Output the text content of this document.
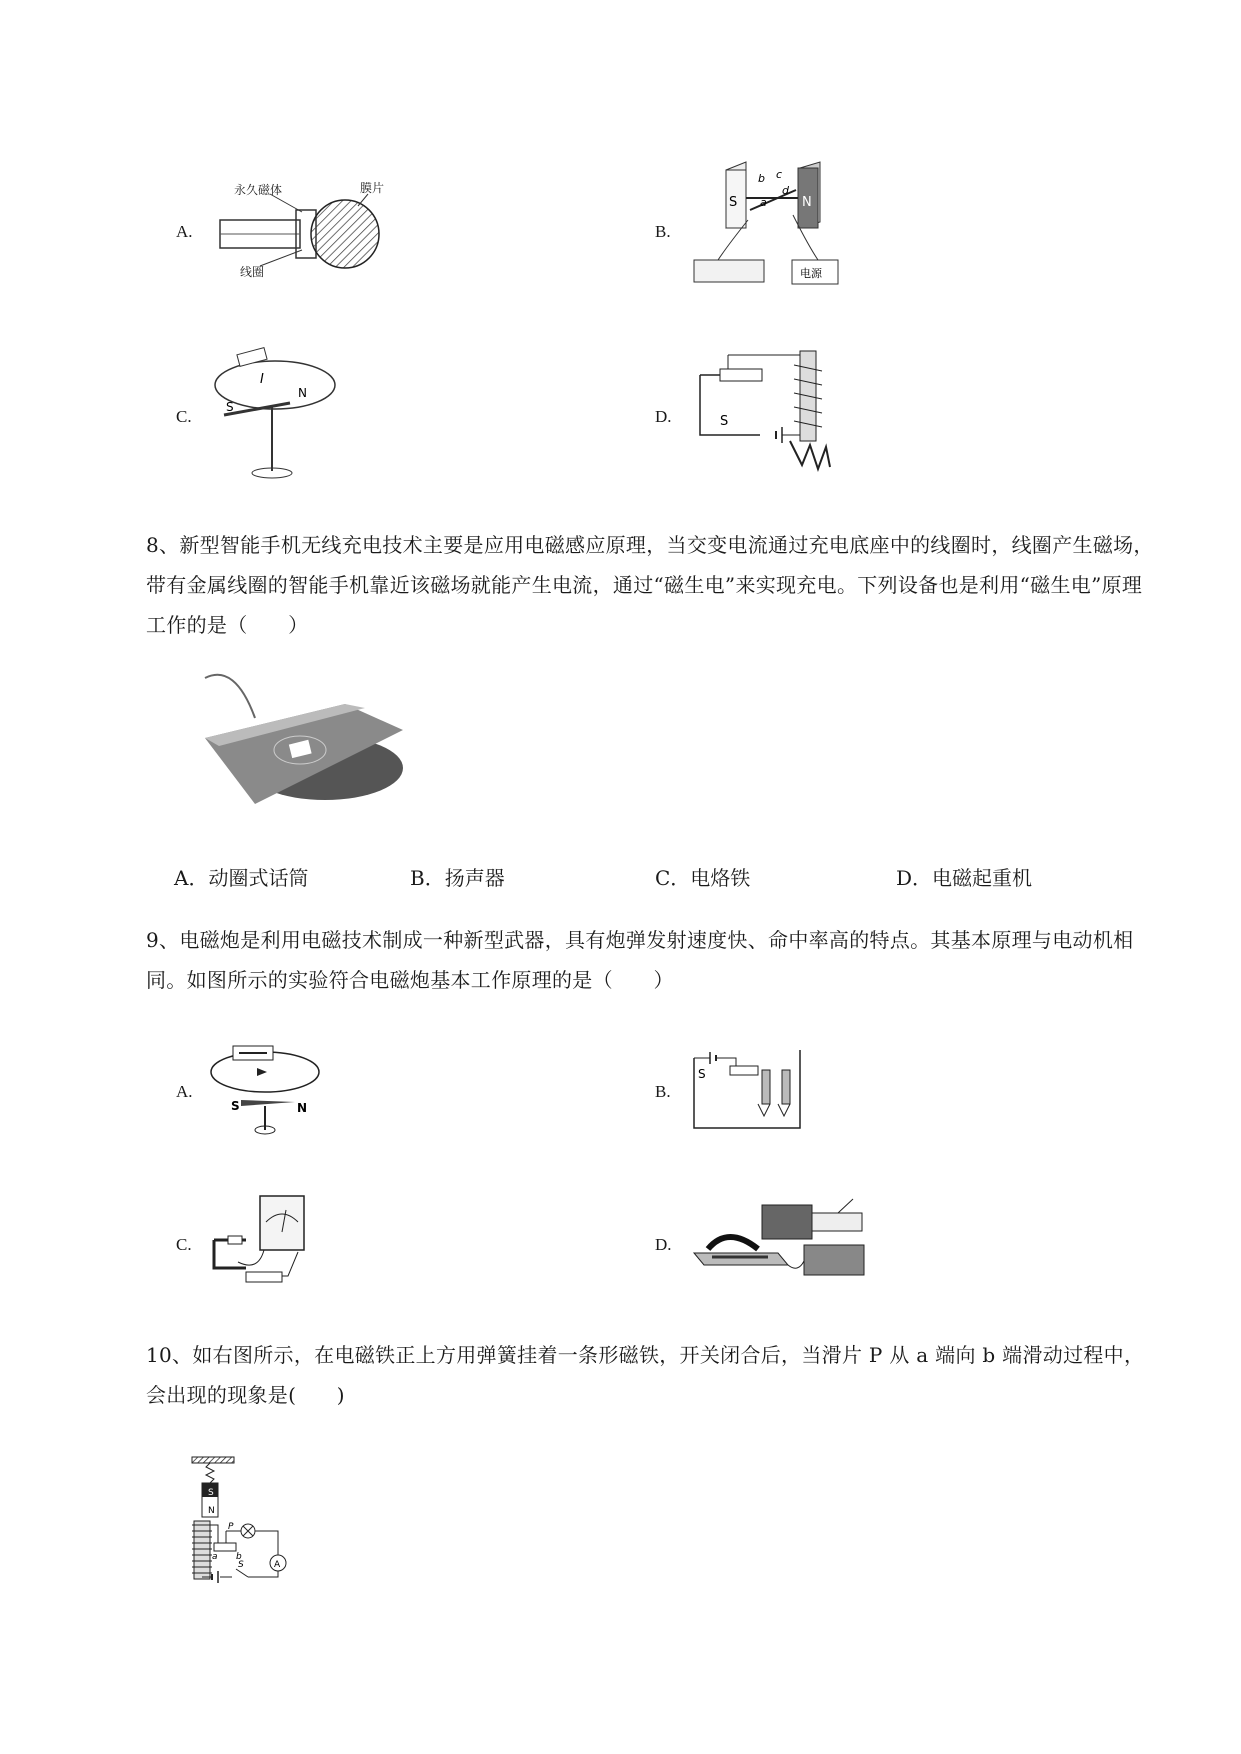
A.
永久磁体	膜片
线圈
B.
S	N
b c
a
d
电源
C.
I
S
N
D.	S
8、新型智能手机无线充电技术主要是应用电磁感应原理，当交变电流通过充电底座中的线圈时，线圈产生磁场，带有金属线圈的智能手机靠近该磁场就能产生电流，通过“磁生电”来实现充电。下列设备也是利用“磁生电”原理工作的是（　　）
A．动圈式话筒	B．扬声器	C．电烙铁	D．电磁起重机
9、电磁炮是利用电磁技术制成一种新型武器，具有炮弹发射速度快、命中率高的特点。其基本原理与电动机相同。如图所示的实验符合电磁炮基本工作原理的是（　　）
A.
S	N
B.
S
C.	D.
10、如右图所示，在电磁铁正上方用弹簧挂着一条形磁铁，开关闭合后，当滑片 P 从 a 端向 b 端滑动过程中，会出现的现象是(　　)
S
N
P
a b
S	A
